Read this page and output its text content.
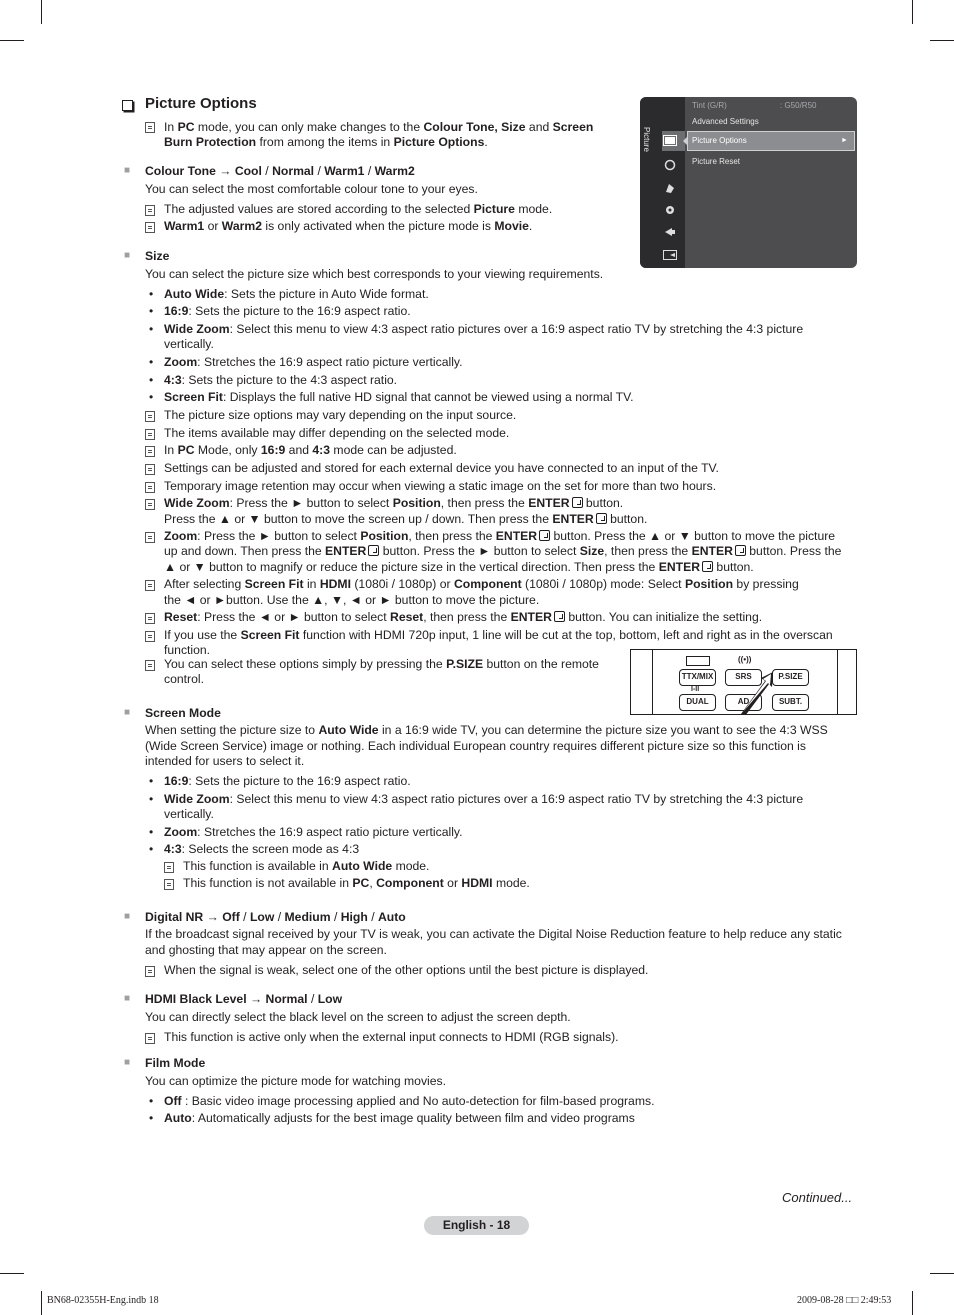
Picture Options
In PC mode, you can only make changes to the Colour Tone, Size and Screen
Burn Protection from among the items in Picture Options.
■ Colour Tone → Cool / Normal / Warm1 / Warm2
You can select the most comfortable colour tone to your eyes.
The adjusted values are stored according to the selected Picture mode.
Warm1 or Warm2 is only activated when the picture mode is Movie.
■ Size
You can select the picture size which best corresponds to your viewing requirements.
• Auto Wide: Sets the picture in Auto Wide format.
• 16:9: Sets the picture to the 16:9 aspect ratio.
• Wide Zoom: Select this menu to view 4:3 aspect ratio pictures over a 16:9 aspect ratio TV by stretching the 4:3 picture
vertically.
• Zoom: Stretches the 16:9 aspect ratio picture vertically.
• 4:3: Sets the picture to the 4:3 aspect ratio.
• Screen Fit: Displays the full native HD signal that cannot be viewed using a normal TV.
The picture size options may vary depending on the input source.
The items available may differ depending on the selected mode.
In PC Mode, only 16:9 and 4:3 mode can be adjusted.
Settings can be adjusted and stored for each external device you have connected to an input of the TV.
Temporary image retention may occur when viewing a static image on the set for more than two hours.
Wide Zoom: Press the ► button to select Position, then press the ENTER button.
Press the ▲ or ▼ button to move the screen up / down. Then press the ENTER button.
Zoom: Press the ► button to select Position, then press the ENTER button. Press the ▲ or ▼ button to move the picture
up and down. Then press the ENTER button. Press the ► button to select Size, then press the ENTER button. Press the
▲ or ▼ button to magnify or reduce the picture size in the vertical direction. Then press the ENTER button.
After selecting Screen Fit in HDMI (1080i / 1080p) or Component (1080i / 1080p) mode: Select Position by pressing
the ◄ or ►button. Use the ▲, ▼, ◄ or ► button to move the picture.
Reset: Press the ◄ or ► button to select Reset, then press the ENTER button. You can initialize the setting.
If you use the Screen Fit function with HDMI 720p input, 1 line will be cut at the top, bottom, left and right as in the overscan
function.
You can select these options simply by pressing the P.SIZE button on the remote
control.
((•))
TTX/MIX	SRS	P.SIZE
I-II
DUAL	AD	SUBT.
■ Screen Mode
When setting the picture size to Auto Wide in a 16:9 wide TV, you can determine the picture size you want to see the 4:3 WSS
(Wide Screen Service) image or nothing. Each individual European country requires different picture size so this function is
intended for users to select it.
• 16:9: Sets the picture to the 16:9 aspect ratio.
• Wide Zoom: Select this menu to view 4:3 aspect ratio pictures over a 16:9 aspect ratio TV by stretching the 4:3 picture
vertically.
• Zoom: Stretches the 16:9 aspect ratio picture vertically.
• 4:3: Selects the screen mode as 4:3
This function is available in Auto Wide mode.
This function is not available in PC, Component or HDMI mode.
■ Digital NR → Off / Low / Medium / High / Auto
If the broadcast signal received by your TV is weak, you can activate the Digital Noise Reduction feature to help reduce any static
and ghosting that may appear on the screen.
When the signal is weak, select one of the other options until the best picture is displayed.
■ HDMI Black Level → Normal / Low
You can directly select the black level on the screen to adjust the screen depth.
This function is active only when the external input connects to HDMI (RGB signals).
■ Film Mode
You can optimize the picture mode for watching movies.
• Off : Basic video image processing applied and No auto-detection for film-based programs.
• Auto: Automatically adjusts for the best image quality between film and video programs
Picture
Tint (G/R)	: G50/R50
Advanced Settings
Picture Options	►
Picture Reset
Continued...
English - 18
BN68-02355H-Eng.indb 18	2009-08-28 □□ 2:49:53
